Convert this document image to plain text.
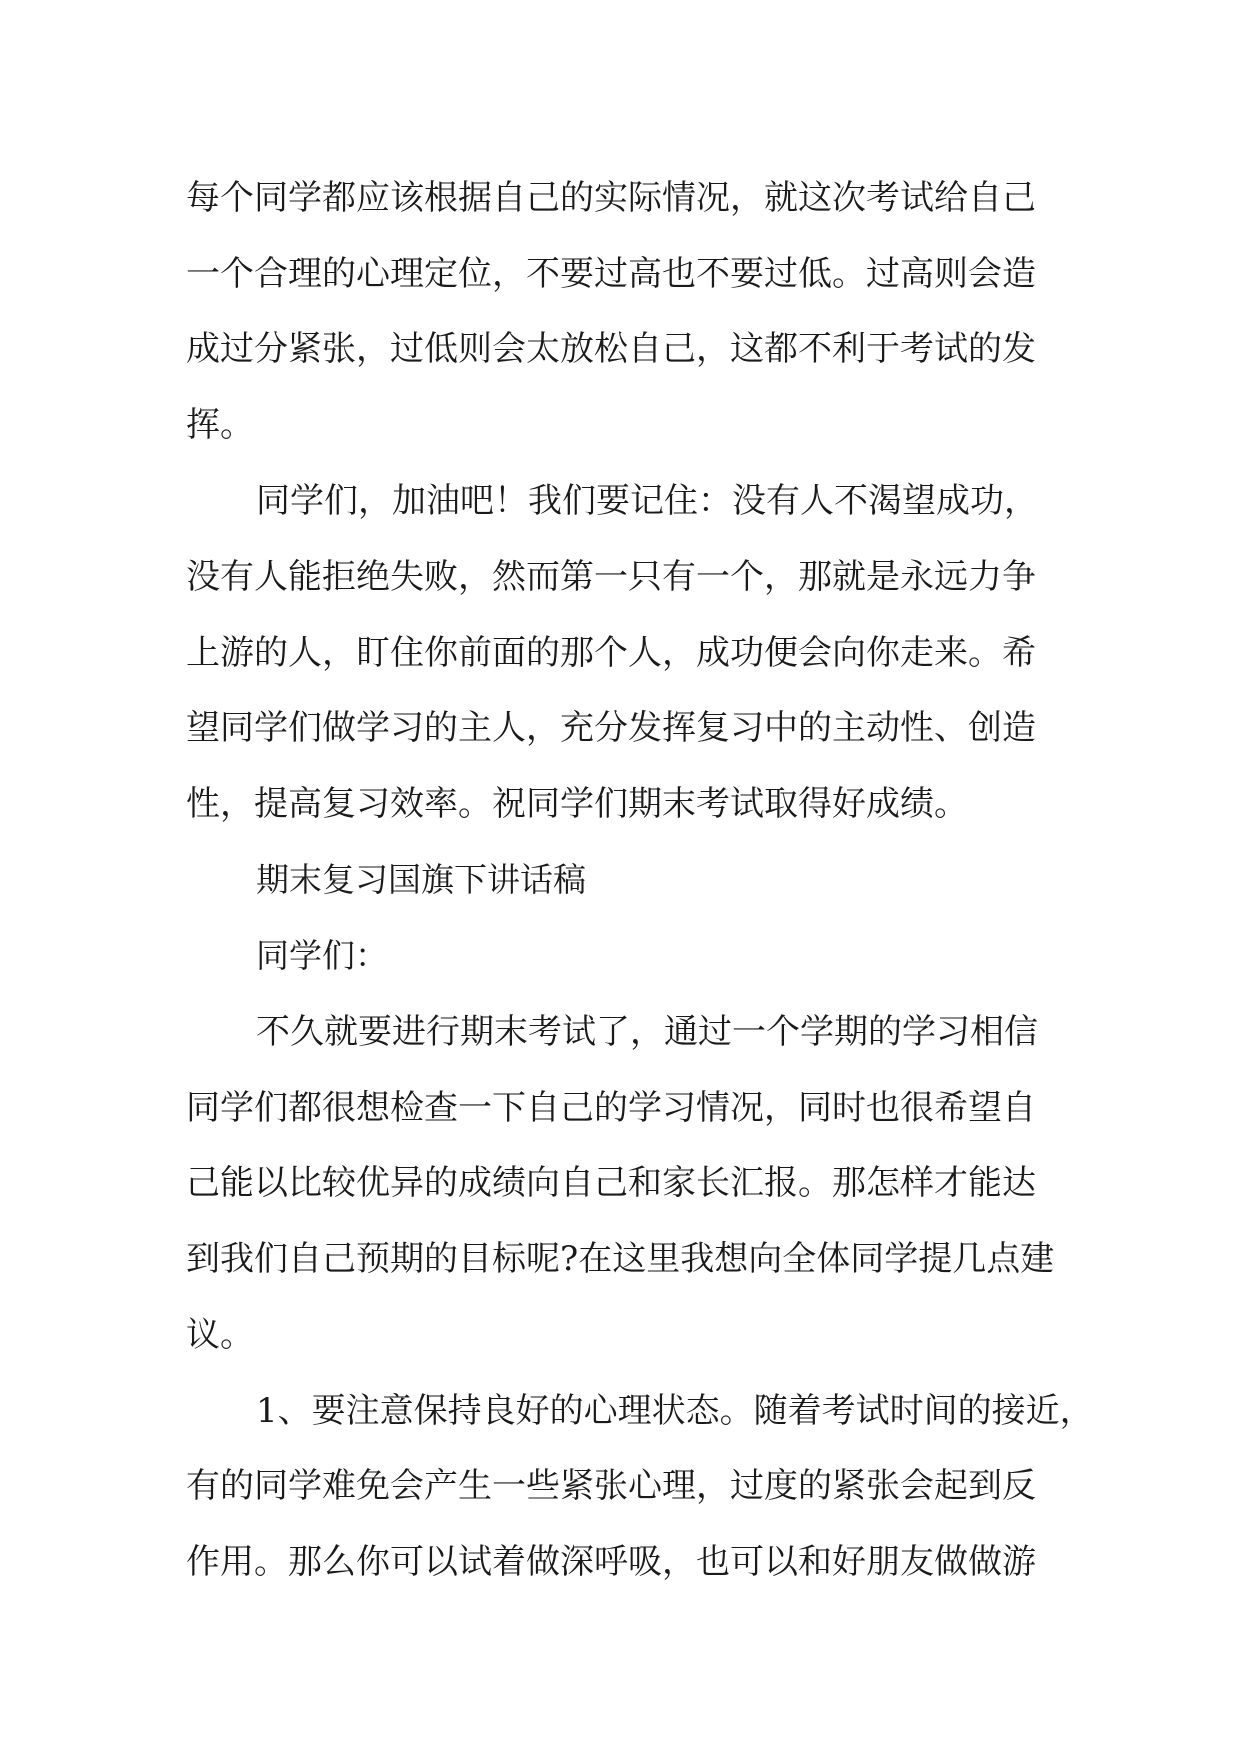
每个同学都应该根据自己的实际情况，就这次考试给自己
一个合理的心理定位，不要过高也不要过低。过高则会造
成过分紧张，过低则会太放松自己，这都不利于考试的发
挥。
同学们，加油吧！我们要记住：没有人不渴望成功，
没有人能拒绝失败，然而第一只有一个，那就是永远力争
上游的人，盯住你前面的那个人，成功便会向你走来。希
望同学们做学习的主人，充分发挥复习中的主动性、创造
性，提高复习效率。祝同学们期末考试取得好成绩。
期末复习国旗下讲话稿
同学们：
不久就要进行期末考试了，通过一个学期的学习相信
同学们都很想检查一下自己的学习情况，同时也很希望自
己能以比较优异的成绩向自己和家长汇报。那怎样才能达
到我们自己预期的目标呢?在这里我想向全体同学提几点建
议。
1、要注意保持良好的心理状态。随着考试时间的接近，
有的同学难免会产生一些紧张心理，过度的紧张会起到反
作用。那么你可以试着做深呼吸，也可以和好朋友做做游
